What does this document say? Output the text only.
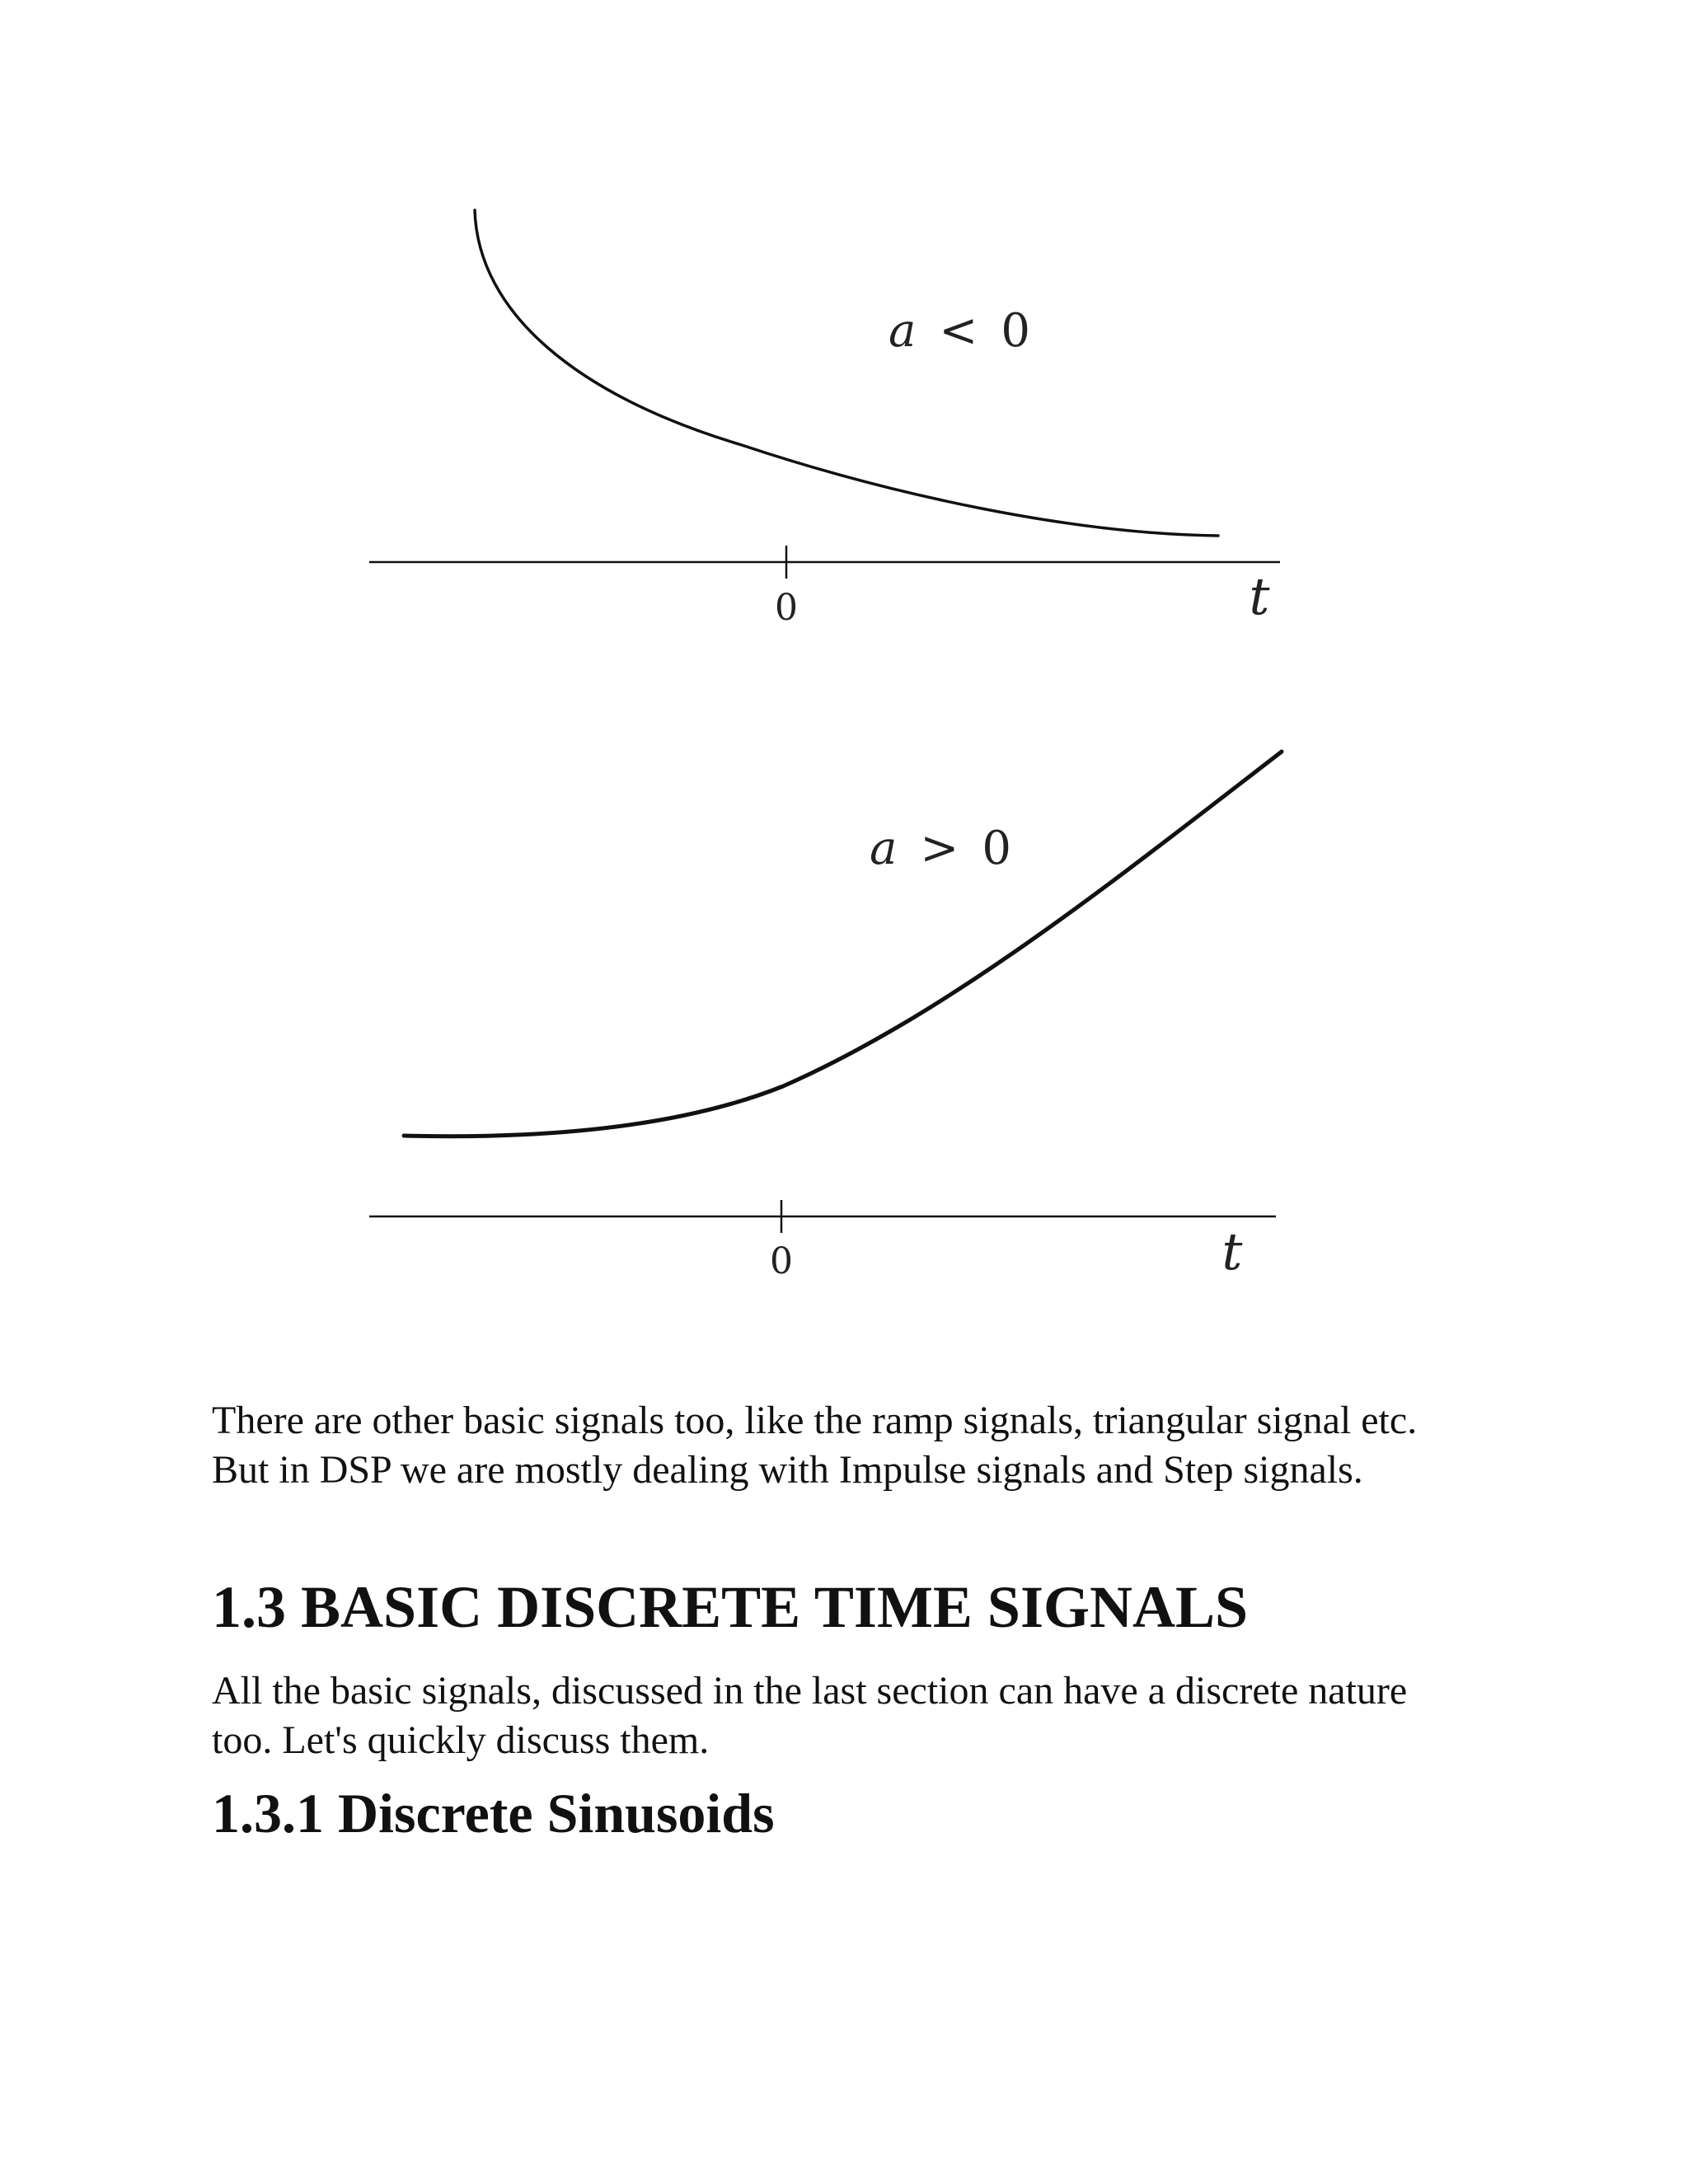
a < 0
0	t
a > 0
0	t

There are other basic signals too, like the ramp signals, triangular signal etc.
But in DSP we are mostly dealing with Impulse signals and Step signals.

1.3 BASIC DISCRETE TIME SIGNALS

All the basic signals, discussed in the last section can have a discrete nature
too. Let's quickly discuss them.

1.3.1 Discrete Sinusoids
